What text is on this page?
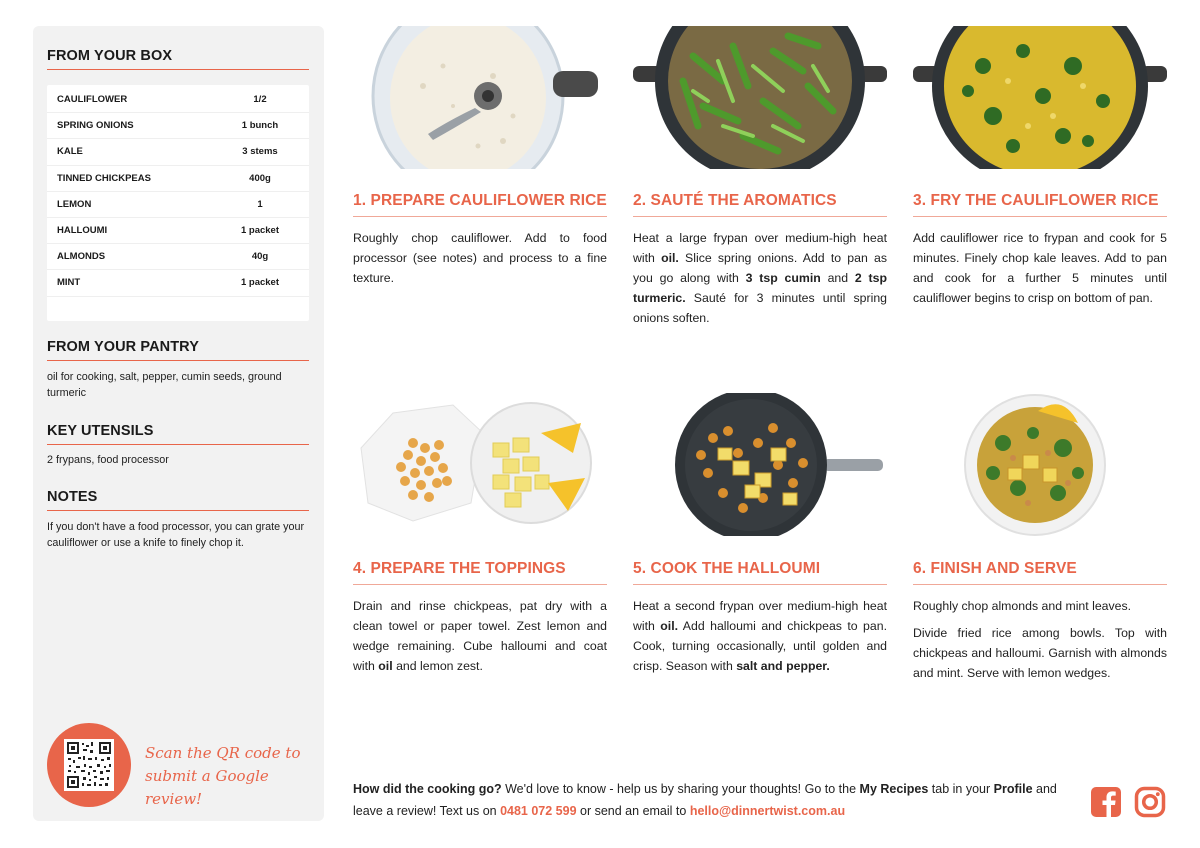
FROM YOUR BOX
CAULIFLOWER	1/2
SPRING ONIONS	1 bunch
KALE	3 stems
TINNED CHICKPEAS	400g
LEMON	1
HALLOUMI	1 packet
ALMONDS	40g
MINT	1 packet
FROM YOUR PANTRY
oil for cooking, salt, pepper, cumin seeds, ground turmeric
KEY UTENSILS
2 frypans, food processor
NOTES
If you don't have a food processor, you can grate your cauliflower or use a knife to finely chop it.
Scan the QR code to
submit a Google review!
1. PREPARE CAULIFLOWER RICE

Roughly chop cauliflower. Add to food processor (see notes) and process to a fine texture.

2. SAUTÉ THE AROMATICS

Heat a large frypan over medium-high heat with oil. Slice spring onions. Add to pan as you go along with 3 tsp cumin and 2 tsp turmeric. Sauté for 3 minutes until spring onions soften.

3. FRY THE CAULIFLOWER RICE

Add cauliflower rice to frypan and cook for 5 minutes. Finely chop kale leaves. Add to pan and cook for a further 5 minutes until cauliflower begins to crisp on bottom of pan.

4. PREPARE THE TOPPINGS

Drain and rinse chickpeas, pat dry with a clean towel or paper towel. Zest lemon and wedge remaining. Cube halloumi and coat with oil and lemon zest.

5. COOK THE HALLOUMI

Heat a second frypan over medium-high heat with oil. Add halloumi and chickpeas to pan. Cook, turning occasionally, until golden and crisp. Season with salt and pepper.

6. FINISH AND SERVE

Roughly chop almonds and mint leaves.

Divide fried rice among bowls. Top with chickpeas and halloumi. Garnish with almonds and mint. Serve with lemon wedges.

How did the cooking go? We'd love to know - help us by sharing your thoughts! Go to the My Recipes tab in your Profile and leave a review! Text us on 0481 072 599 or send an email to hello@dinnertwist.com.au
